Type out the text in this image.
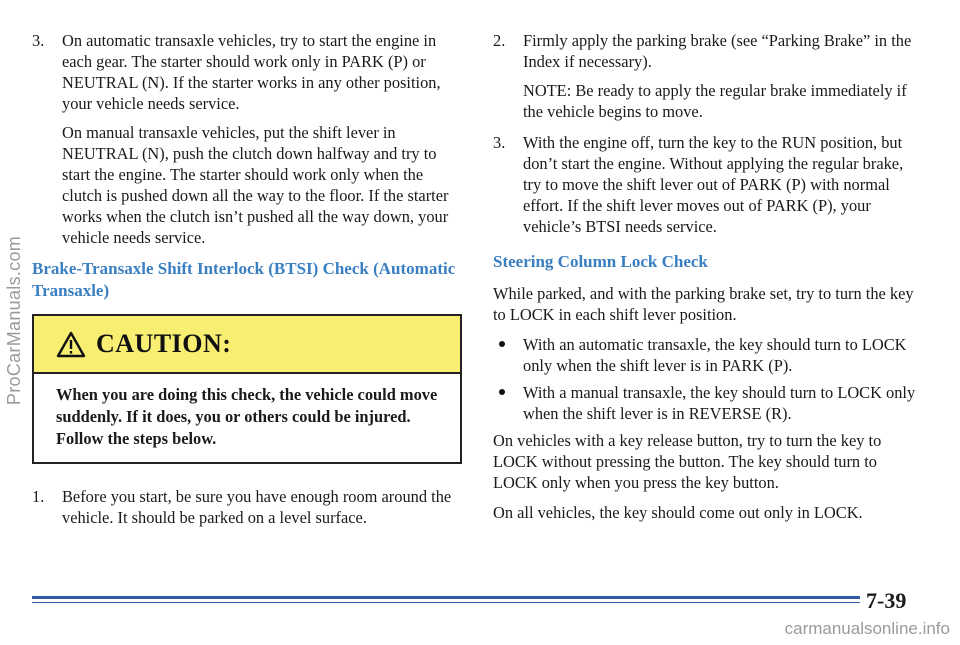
ProCarManuals.com
3.	On automatic transaxle vehicles, try to start the engine in each gear. The starter should work only in PARK (P) or NEUTRAL (N). If the starter works in any other position, your vehicle needs service.

On manual transaxle vehicles, put the shift lever in NEUTRAL (N), push the clutch down halfway and try to start the engine. The starter should work only when the clutch is pushed down all the way to the floor. If the starter works when the clutch isn’t pushed all the way down, your vehicle needs service.

Brake-Transaxle Shift Interlock (BTSI) Check (Automatic Transaxle)
CAUTION:
When you are doing this check, the vehicle could move suddenly. If it does, you or others could be injured. Follow the steps below.
1.	Before you start, be sure you have enough room around the vehicle. It should be parked on a level surface.
2.	Firmly apply the parking brake (see “Parking Brake” in the Index if necessary).

NOTE: Be ready to apply the regular brake immediately if the vehicle begins to move.

3.	With the engine off, turn the key to the RUN position, but don’t start the engine. Without applying the regular brake, try to move the shift lever out of PARK (P) with normal effort. If the shift lever moves out of PARK (P), your vehicle’s BTSI needs service.
Steering Column Lock Check

While parked, and with the parking brake set, try to turn the key to LOCK in each shift lever position.

With an automatic transaxle, the key should turn to LOCK only when the shift lever is in PARK (P).
With a manual transaxle, the key should turn to LOCK only when the shift lever is in REVERSE (R).

On vehicles with a key release button, try to turn the key to LOCK without pressing the button. The key should turn to LOCK only when you press the key button.

On all vehicles, the key should come out only in LOCK.

7-39
carmanualsonline.info
